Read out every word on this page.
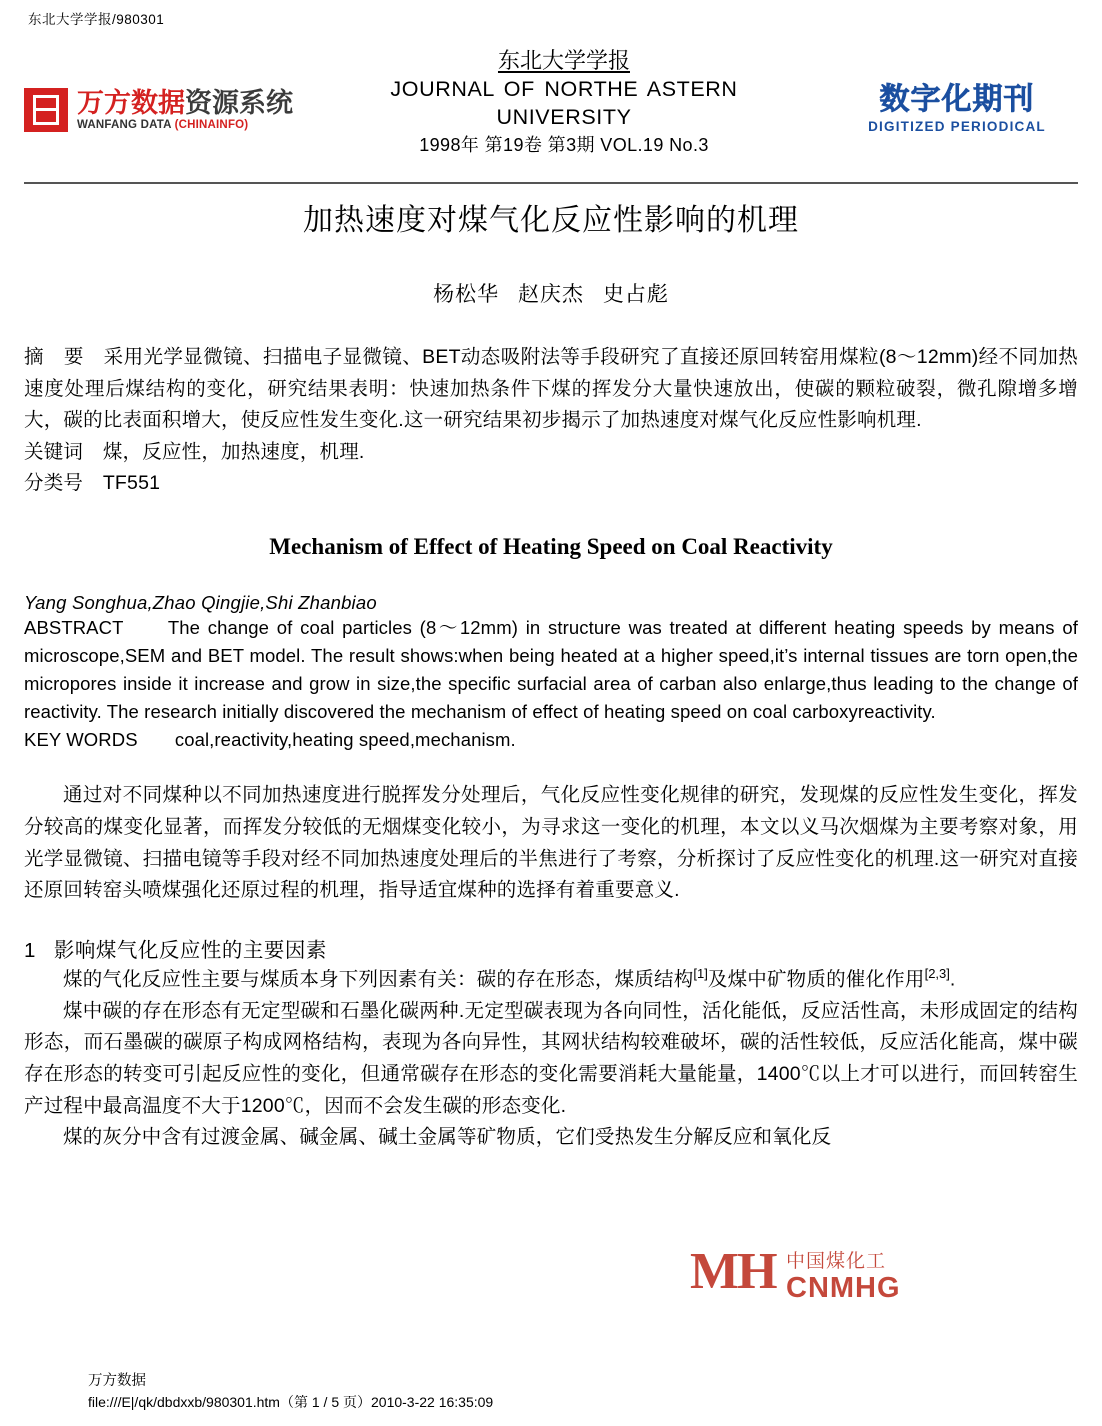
东北大学学报/980301
万方数据资源系统
WANFANG DATA (CHINAINFO)
东北大学学报
JOURNAL OF NORTHE ASTERN
UNIVERSITY
1998年 第19卷 第3期 VOL.19 No.3
数字化期刊
DIGITIZED PERIODICAL
加热速度对煤气化反应性影响的机理
杨松华 赵庆杰 史占彪
摘　要　 采用光学显微镜、扫描电子显微镜、BET动态吸附法等手段研究了直接还原回转窑用煤粒(8～12mm)经不同加热速度处理后煤结构的变化，研究结果表明：快速加热条件下煤的挥发分大量快速放出，使碳的颗粒破裂，微孔隙增多增大，碳的比表面积增大，使反应性发生变化.这一研究结果初步揭示了加热速度对煤气化反应性影响机理.
关键词　 煤，反应性，加热速度，机理.
分类号　 TF551
Mechanism of Effect of Heating Speed on Coal Reactivity
Yang Songhua,Zhao Qingjie,Shi Zhanbiao
ABSTRACT　　 The change of coal particles (8～12mm) in structure was treated at different heating speeds by means of microscope,SEM and BET model. The result shows:when being heated at a higher speed,it’s internal tissues are torn open,the micropores inside it increase and grow in size,the specific surfacial area of carban also enlarge,thus leading to the change of reactivity. The research initially discovered the mechanism of effect of heating speed on coal carboxyreactivity.
KEY WORDS　　 coal,reactivity,heating speed,mechanism.
通过对不同煤种以不同加热速度进行脱挥发分处理后，气化反应性变化规律的研究，发现煤的反应性发生变化，挥发分较高的煤变化显著，而挥发分较低的无烟煤变化较小，为寻求这一变化的机理，本文以义马次烟煤为主要考察对象，用光学显微镜、扫描电镜等手段对经不同加热速度处理后的半焦进行了考察，分析探讨了反应性变化的机理.这一研究对直接还原回转窑头喷煤强化还原过程的机理，指导适宜煤种的选择有着重要意义.
1 影响煤气化反应性的主要因素
煤的气化反应性主要与煤质本身下列因素有关：碳的存在形态，煤质结构[1]及煤中矿物质的催化作用[2,3].
煤中碳的存在形态有无定型碳和石墨化碳两种.无定型碳表现为各向同性，活化能低，反应活性高，未形成固定的结构形态，而石墨碳的碳原子构成网格结构，表现为各向异性，其网状结构较难破坏，碳的活性较低，反应活化能高，煤中碳存在形态的转变可引起反应性的变化，但通常碳存在形态的变化需要消耗大量能量，1400℃以上才可以进行，而回转窑生产过程中最高温度不大于1200℃，因而不会发生碳的形态变化.
煤的灰分中含有过渡金属、碱金属、碱土金属等矿物质，它们受热发生分解反应和氧化反
MH 中国煤化工
CNMHG
万方数据
file:///E|/qk/dbdxxb/980301.htm（第 1 / 5 页）2010-3-22 16:35:09
